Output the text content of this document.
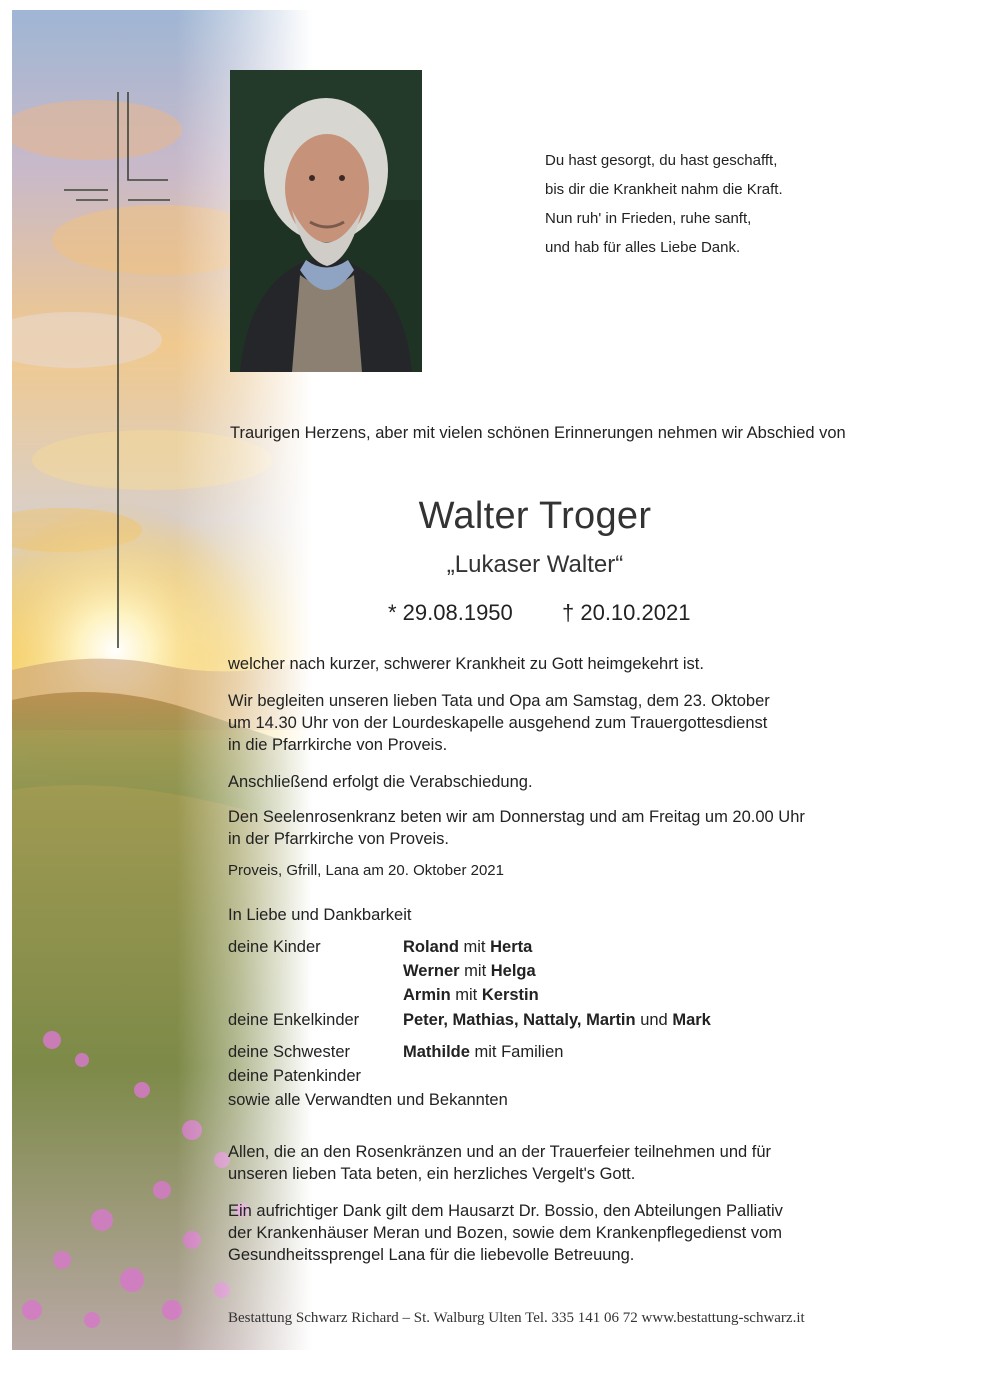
Du hast gesorgt, du hast geschafft,
bis dir die Krankheit nahm die Kraft.
Nun ruh' in Frieden, ruhe sanft,
und hab für alles Liebe Dank.

Traurigen Herzens, aber mit vielen schönen Erinnerungen nehmen wir Abschied von

Walter Troger

„Lukaser Walter“

* 29.08.1950 † 20.10.2021

welcher nach kurzer, schwerer Krankheit zu Gott heimgekehrt ist.

Wir begleiten unseren lieben Tata und Opa am Samstag, dem 23. Oktober

um 14.30 Uhr von der Lourdeskapelle ausgehend zum Trauergottesdienst

in die Pfarrkirche von Proveis.

Anschließend erfolgt die Verabschiedung.

Den Seelenrosenkranz beten wir am Donnerstag und am Freitag um 20.00 Uhr

in der Pfarrkirche von Proveis.

Proveis, Gfrill, Lana am 20. Oktober 2021

In Liebe und Dankbarkeit

deine Kinder	Roland mit Herta

Werner mit Helga

Armin mit Kerstin

deine Enkelkinder	Peter, Mathias, Nattaly, Martin und Mark

deine Schwester	Mathilde mit Familien

deine Patenkinder

sowie alle Verwandten und Bekannten

Allen, die an den Rosenkränzen und an der Trauerfeier teilnehmen und für

unseren lieben Tata beten, ein herzliches Vergelt's Gott.

Ein aufrichtiger Dank gilt dem Hausarzt Dr. Bossio, den Abteilungen Palliativ

der Krankenhäuser Meran und Bozen, sowie dem Krankenpflegedienst vom

Gesundheitssprengel Lana für die liebevolle Betreuung.

Bestattung Schwarz Richard – St. Walburg Ulten Tel. 335 141 06 72 www.bestattung-schwarz.it
